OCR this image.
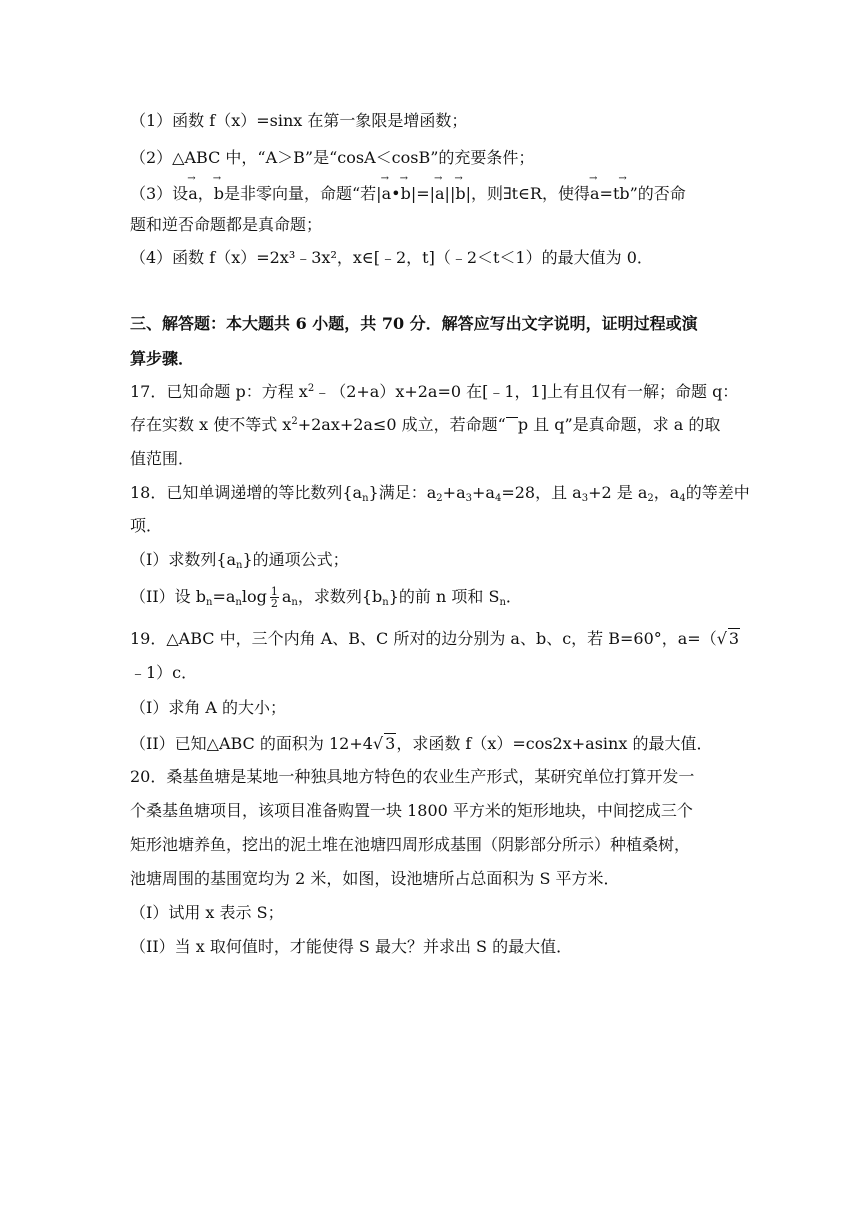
（1）函数 f（x）=sinx 在第一象限是增函数；
（2）△ABC 中，“A＞B”是“cosA＜cosB”的充要条件；
（3）设→ a，→ b是非零向量，命题“若|→ a•→ b|=|→ a||→ b|，则∃t∈R，使得→ a=t→ b”的否命
题和逆否命题都是真命题；
（4）函数 f（x）=2x³﹣3x²，x∈[﹣2，t]（﹣2＜t＜1）的最大值为 0．
三、解答题：本大题共 6 小题，共 70 分．解答应写出文字说明，证明过程或演
算步骤．
17．已知命题 p：方程 $x^2﹣(2+a)x+2a=0$ 在[﹣1，1]上有且仅有一解；命题 q：
存在实数 x 使不等式 $x^2+2ax+2a\le 0$ 成立，若命题“ p 且 q”是真命题，求 a 的取
值范围．
18．已知单调递增的等比数列$\{a_n\}$满足：$a_2+a_3+a_4=28$，且 $a_3+2$ 是 $a_2$，$a_4$的等差中
项．
（I）求数列$\{a_n\}$的通项公式；
（II）设 $b_n=a_n\log \frac{1}{2} a_n$，求数列$\{b_n\}$的前 n 项和 $S_n$．
19．△ABC 中，三个内角 A、B、C 所对的边分别为 a、b、c，若 B=60°，a=（√ 3
﹣1）c．
（I）求角 A 的大小；
（II）已知△ABC 的面积为 12+4√ 3，求函数 f（x）=cos2x+asinx 的最大值．
20．桑基鱼塘是某地一种独具地方特色的农业生产形式，某研究单位打算开发一
个桑基鱼塘项目，该项目准备购置一块 1800 平方米的矩形地块，中间挖成三个
矩形池塘养鱼，挖出的泥土堆在池塘四周形成基围（阴影部分所示）种植桑树，
池塘周围的基围宽均为 2 米，如图，设池塘所占总面积为 S 平方米．
（I）试用 x 表示 S；
（II）当 x 取何值时，才能使得 S 最大？并求出 S 的最大值．
